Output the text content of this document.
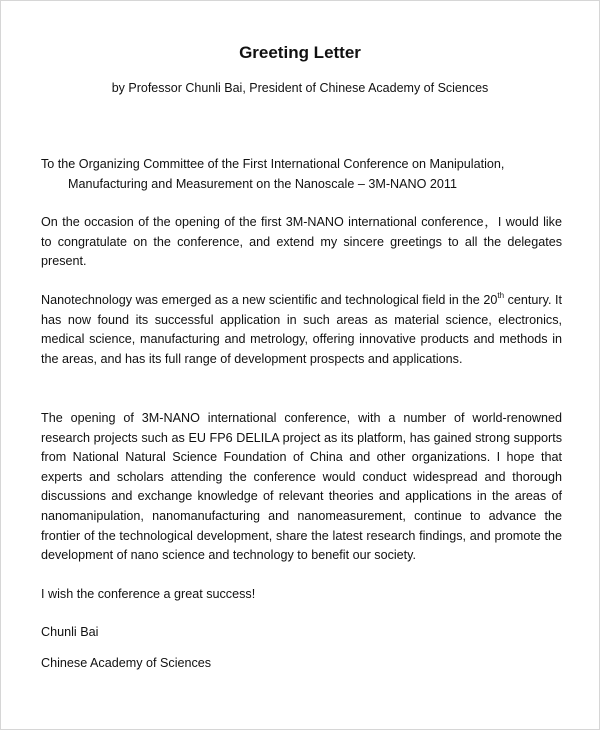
Greeting Letter
by Professor Chunli Bai, President of Chinese Academy of Sciences
To the Organizing Committee of the First International Conference on Manipulation,
Manufacturing and Measurement on the Nanoscale – 3M-NANO 2011
On the occasion of the opening of the first 3M-NANO international conference，I would like to congratulate on the conference, and extend my sincere greetings to all the delegates present.
Nanotechnology was emerged as a new scientific and technological field in the 20th century. It has now found its successful application in such areas as material science, electronics, medical science, manufacturing and metrology, offering innovative products and methods in the areas, and has its full range of development prospects and applications.
The opening of 3M-NANO international conference, with a number of world-renowned research projects such as EU FP6 DELILA project as its platform, has gained strong supports from National Natural Science Foundation of China and other organizations. I hope that experts and scholars attending the conference would conduct widespread and thorough discussions and exchange knowledge of relevant theories and applications in the areas of nanomanipulation, nanomanufacturing and nanomeasurement, continue to advance the frontier of the technological development, share the latest research findings, and promote the development of nano science and technology to benefit our society.
I wish the conference a great success!
Chunli Bai
Chinese Academy of Sciences
